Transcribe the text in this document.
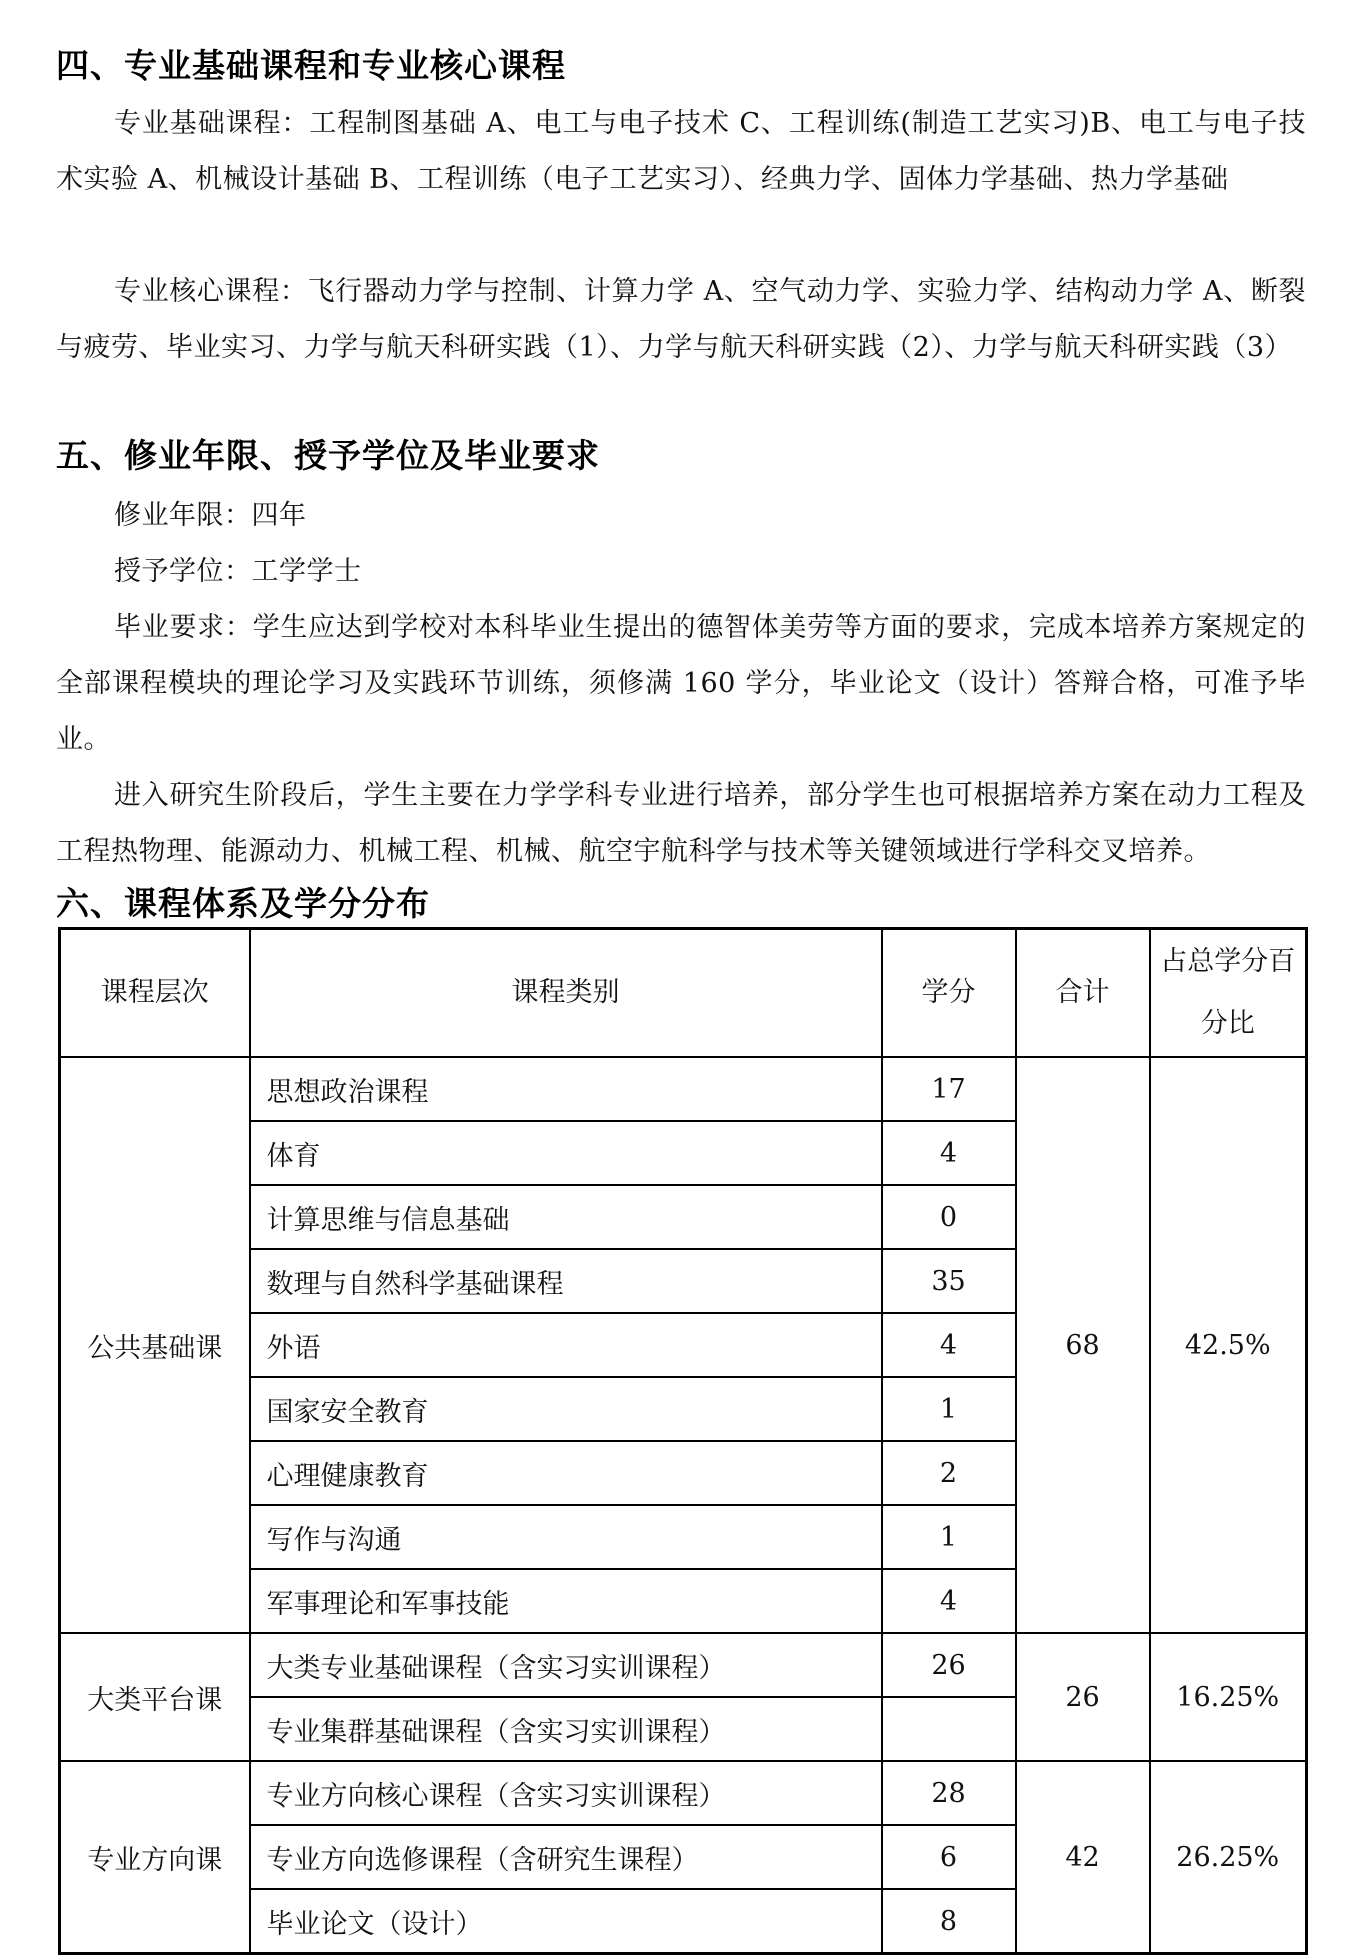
四、专业基础课程和专业核心课程

专业基础课程：工程制图基础 A、电工与电子技术 C、工程训练(制造工艺实习)B、电工与电子技术实验 A、机械设计基础 B、工程训练（电子工艺实习）、经典力学、固体力学基础、热力学基础

专业核心课程：飞行器动力学与控制、计算力学 A、空气动力学、实验力学、结构动力学 A、断裂与疲劳、毕业实习、力学与航天科研实践（1）、力学与航天科研实践（2）、力学与航天科研实践（3）

五、修业年限、授予学位及毕业要求

修业年限：四年

授予学位：工学学士

毕业要求：学生应达到学校对本科毕业生提出的德智体美劳等方面的要求，完成本培养方案规定的全部课程模块的理论学习及实践环节训练，须修满 160 学分，毕业论文（设计）答辩合格，可准予毕业。

进入研究生阶段后，学生主要在力学学科专业进行培养，部分学生也可根据培养方案在动力工程及工程热物理、能源动力、机械工程、机械、航空宇航科学与技术等关键领域进行学科交叉培养。

六、课程体系及学分分布
课程层次	课程类别	学分	合计	占总学分百分比
公共基础课	思想政治课程	17	68	42.5%
	体育	4		
	计算思维与信息基础	0		
	数理与自然科学基础课程	35		
	外语	4		
	国家安全教育	1		
	心理健康教育	2		
	写作与沟通	1		
	军事理论和军事技能	4		
大类平台课	大类专业基础课程（含实习实训课程）	26	26	16.25%
	专业集群基础课程（含实习实训课程）			
专业方向课	专业方向核心课程（含实习实训课程）	28	42	26.25%
	专业方向选修课程（含研究生课程）	6		
	毕业论文（设计）	8		
